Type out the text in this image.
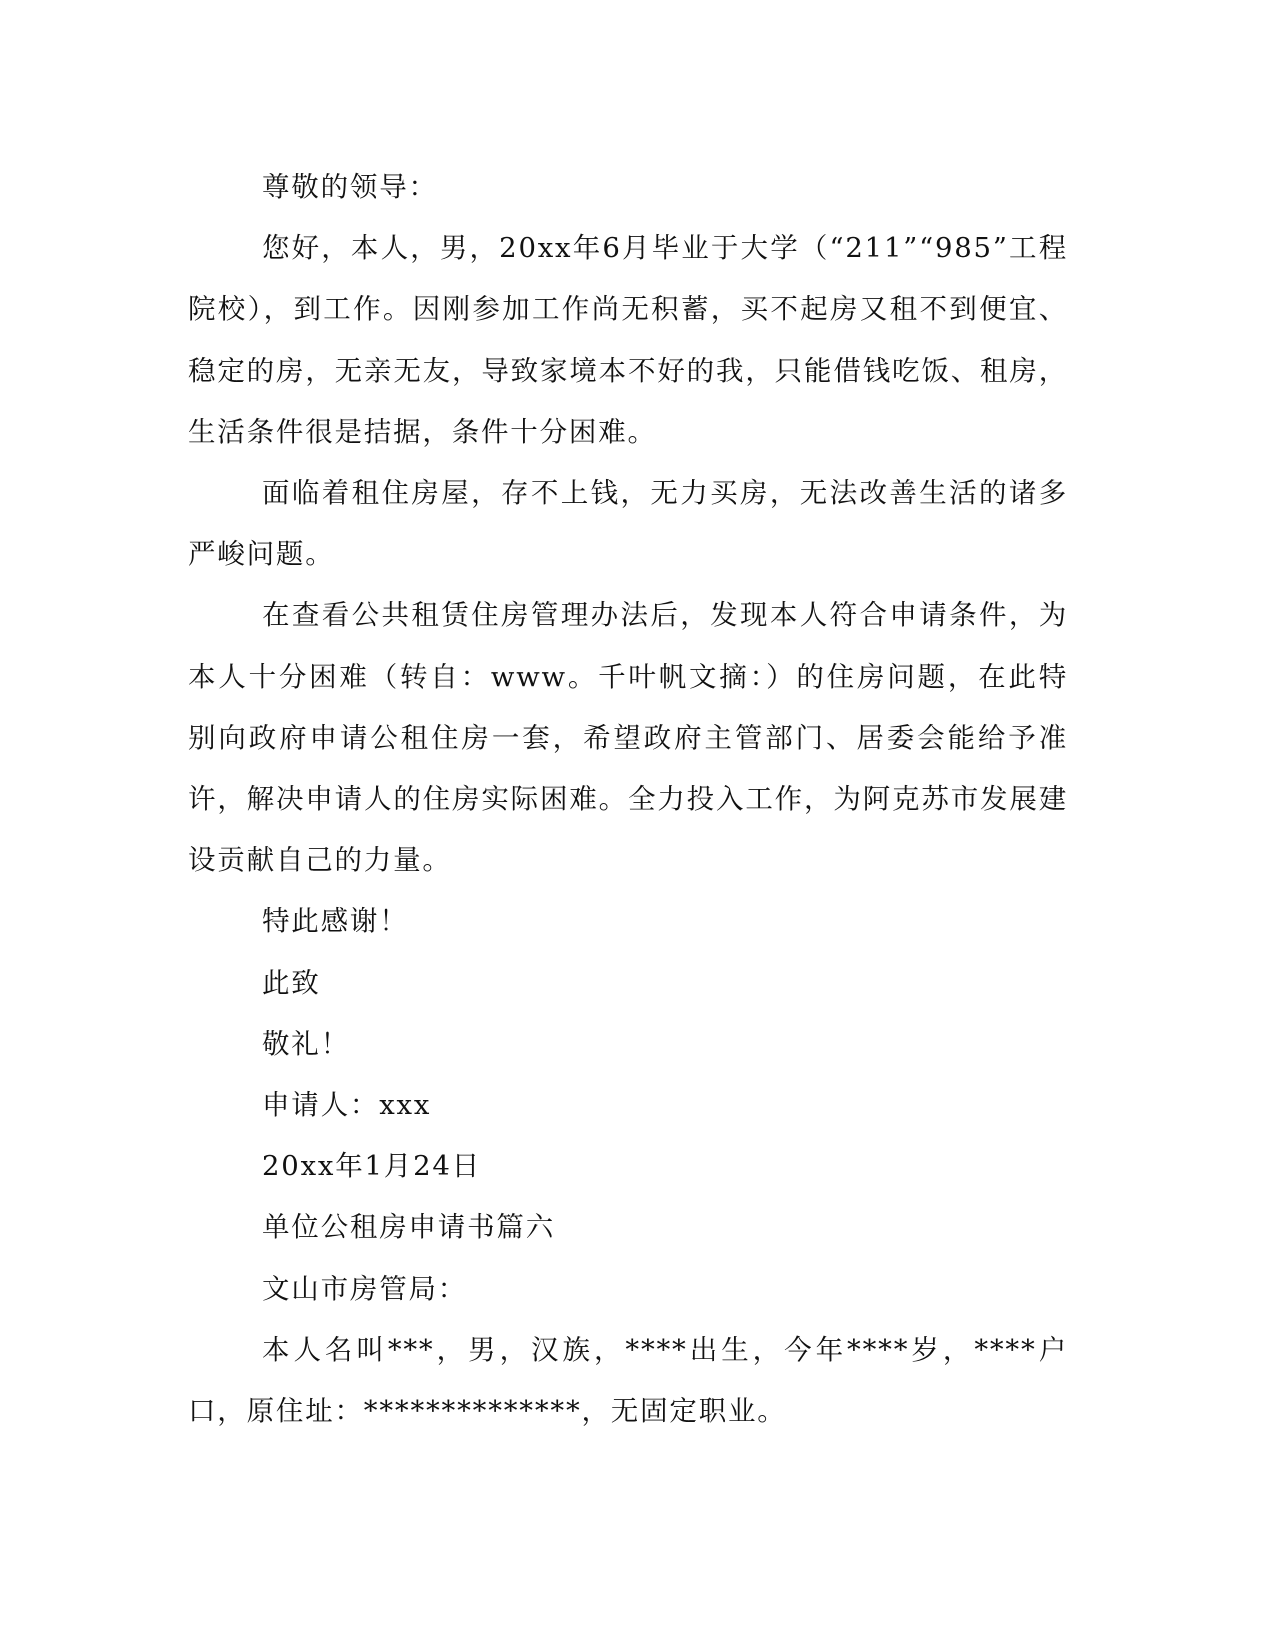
尊敬的领导：

您好，本人，男，20xx年6月毕业于大学（“211”“985”工程院校），到工作。因刚参加工作尚无积蓄，买不起房又租不到便宜、稳定的房，无亲无友，导致家境本不好的我，只能借钱吃饭、租房，生活条件很是拮据，条件十分困难。

面临着租住房屋，存不上钱，无力买房，无法改善生活的诸多严峻问题。

在查看公共租赁住房管理办法后，发现本人符合申请条件，为本人十分困难（转自：www。千叶帆文摘：）的住房问题，在此特别向政府申请公租住房一套，希望政府主管部门、居委会能给予准许，解决申请人的住房实际困难。全力投入工作，为阿克苏市发展建设贡献自己的力量。

特此感谢！

此致

敬礼！

申请人：xxx

20xx年1月24日

单位公租房申请书篇六

文山市房管局：

本人名叫***，男，汉族，****出生，今年****岁，****户口，原住址：**************，无固定职业。
